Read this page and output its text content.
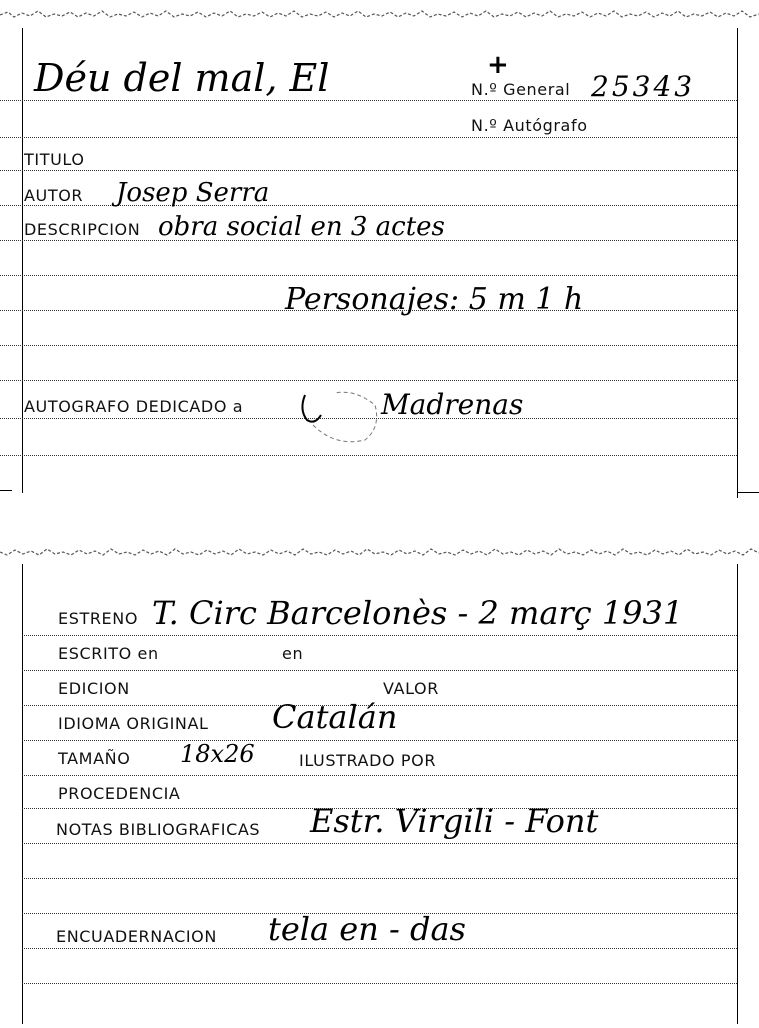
Déu del mal, El	+
N.º General 25343
N.º Autógrafo
TITULO
AUTOR Josep Serra
DESCRIPCION obra social en 3 actes
Personajes: 5 m 1 h
AUTOGRAFO DEDICADO a	Madrenas
ESTRENO T. Circ Barcelonès - 2 març 1931
ESCRITO en	en
EDICION	VALOR
IDIOMA ORIGINAL Catalán
TAMAÑO 18x26	ILUSTRADO POR
PROCEDENCIA
NOTAS BIBLIOGRAFICAS Estr. Virgili - Font
ENCUADERNACION tela en - das
